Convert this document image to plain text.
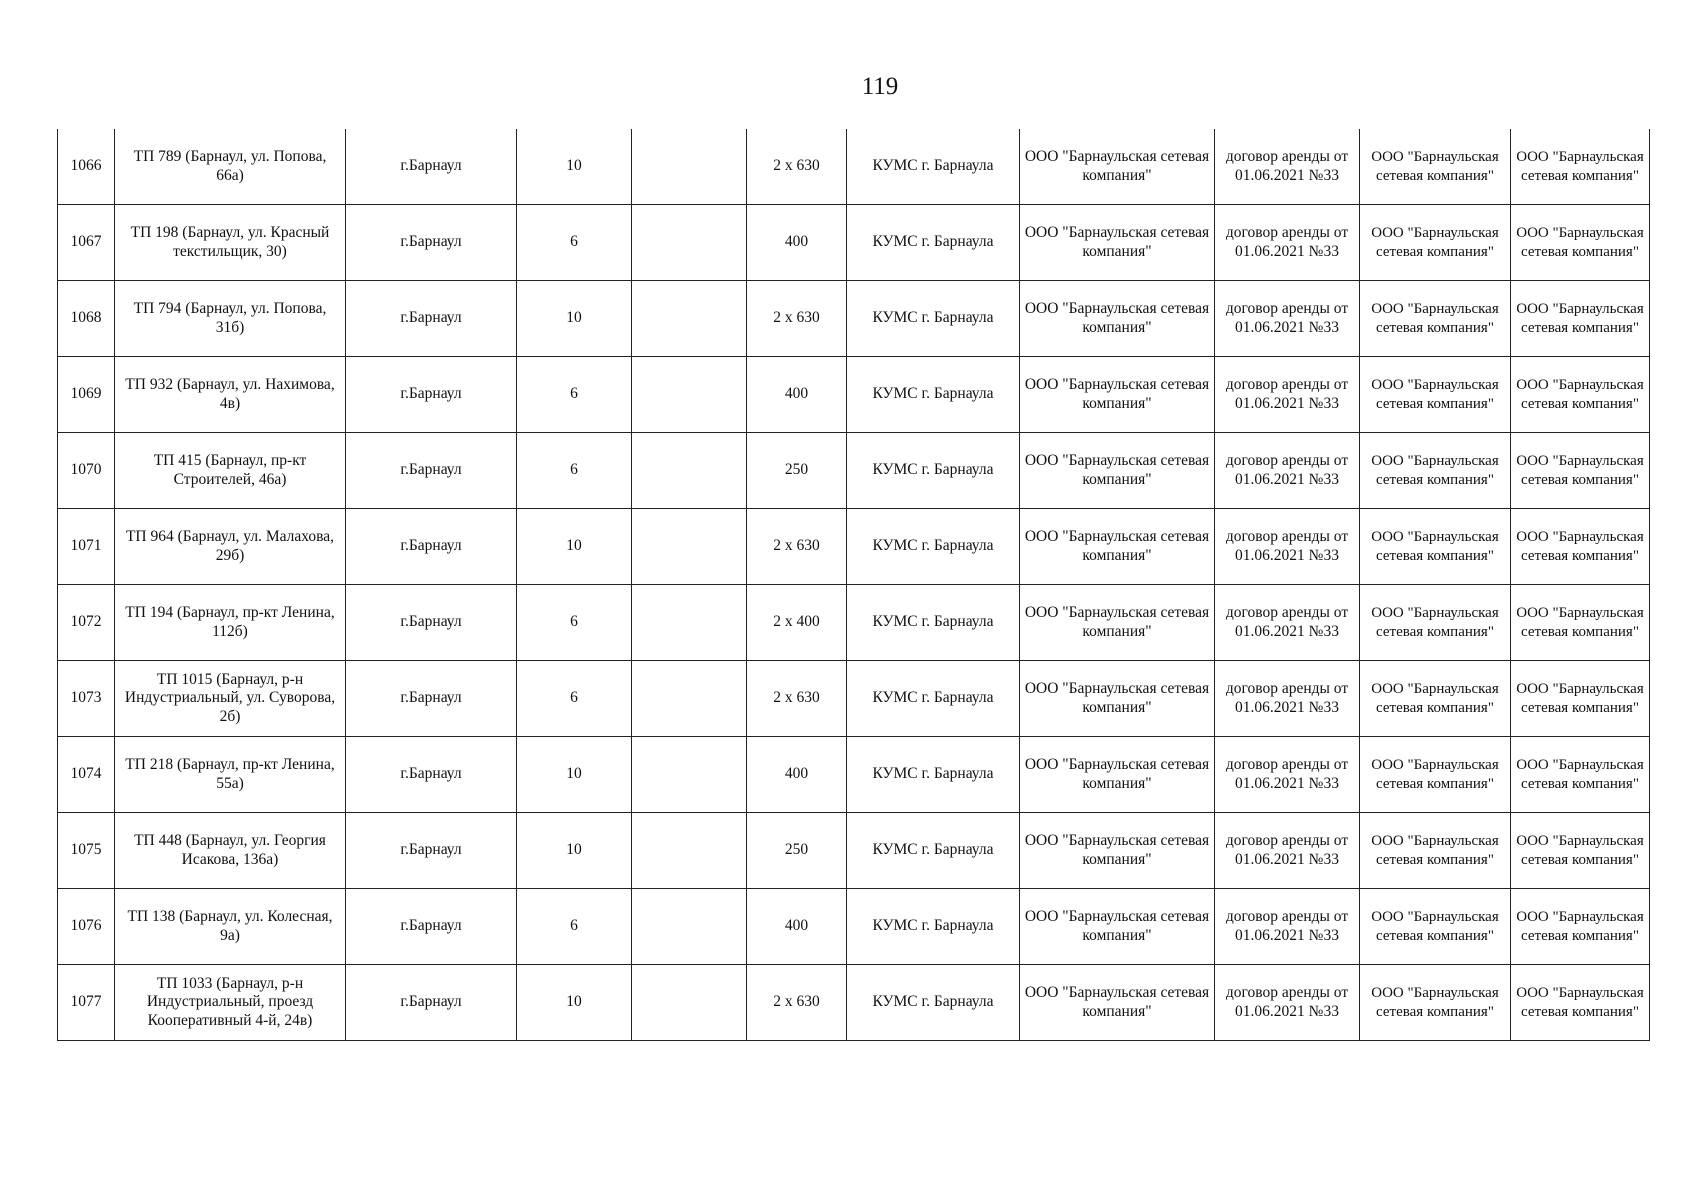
119
1066	ТП 789 (Барнаул, ул. Попова, 66а)	г.Барнаул	10		2 х 630	КУМС г. Барнаула	ООО "Барнаульская сетевая компания"	договор аренды от 01.06.2021 №33	ООО "Барнаульская сетевая компания"	ООО "Барнаульская сетевая компания"
1067	ТП 198 (Барнаул, ул. Красный текстильщик, 30)	г.Барнаул	6		400	КУМС г. Барнаула	ООО "Барнаульская сетевая компания"	договор аренды от 01.06.2021 №33	ООО "Барнаульская сетевая компания"	ООО "Барнаульская сетевая компания"
1068	ТП 794 (Барнаул, ул. Попова, 31б)	г.Барнаул	10		2 х 630	КУМС г. Барнаула	ООО "Барнаульская сетевая компания"	договор аренды от 01.06.2021 №33	ООО "Барнаульская сетевая компания"	ООО "Барнаульская сетевая компания"
1069	ТП 932 (Барнаул, ул. Нахимова, 4в)	г.Барнаул	6		400	КУМС г. Барнаула	ООО "Барнаульская сетевая компания"	договор аренды от 01.06.2021 №33	ООО "Барнаульская сетевая компания"	ООО "Барнаульская сетевая компания"
1070	ТП 415 (Барнаул, пр-кт Строителей, 46а)	г.Барнаул	6		250	КУМС г. Барнаула	ООО "Барнаульская сетевая компания"	договор аренды от 01.06.2021 №33	ООО "Барнаульская сетевая компания"	ООО "Барнаульская сетевая компания"
1071	ТП 964 (Барнаул, ул. Малахова, 29б)	г.Барнаул	10		2 х 630	КУМС г. Барнаула	ООО "Барнаульская сетевая компания"	договор аренды от 01.06.2021 №33	ООО "Барнаульская сетевая компания"	ООО "Барнаульская сетевая компания"
1072	ТП 194 (Барнаул, пр-кт Ленина, 112б)	г.Барнаул	6		2 х 400	КУМС г. Барнаула	ООО "Барнаульская сетевая компания"	договор аренды от 01.06.2021 №33	ООО "Барнаульская сетевая компания"	ООО "Барнаульская сетевая компания"
1073	ТП 1015 (Барнаул, р-н Индустриальный, ул. Суворова, 2б)	г.Барнаул	6		2 х 630	КУМС г. Барнаула	ООО "Барнаульская сетевая компания"	договор аренды от 01.06.2021 №33	ООО "Барнаульская сетевая компания"	ООО "Барнаульская сетевая компания"
1074	ТП 218 (Барнаул, пр-кт Ленина, 55а)	г.Барнаул	10		400	КУМС г. Барнаула	ООО "Барнаульская сетевая компания"	договор аренды от 01.06.2021 №33	ООО "Барнаульская сетевая компания"	ООО "Барнаульская сетевая компания"
1075	ТП 448 (Барнаул, ул. Георгия Исакова, 136а)	г.Барнаул	10		250	КУМС г. Барнаула	ООО "Барнаульская сетевая компания"	договор аренды от 01.06.2021 №33	ООО "Барнаульская сетевая компания"	ООО "Барнаульская сетевая компания"
1076	ТП 138 (Барнаул, ул. Колесная, 9а)	г.Барнаул	6		400	КУМС г. Барнаула	ООО "Барнаульская сетевая компания"	договор аренды от 01.06.2021 №33	ООО "Барнаульская сетевая компания"	ООО "Барнаульская сетевая компания"
1077	ТП 1033 (Барнаул, р-н Индустриальный, проезд Кооперативный 4-й, 24в)	г.Барнаул	10		2 х 630	КУМС г. Барнаула	ООО "Барнаульская сетевая компания"	договор аренды от 01.06.2021 №33	ООО "Барнаульская сетевая компания"	ООО "Барнаульская сетевая компания"
